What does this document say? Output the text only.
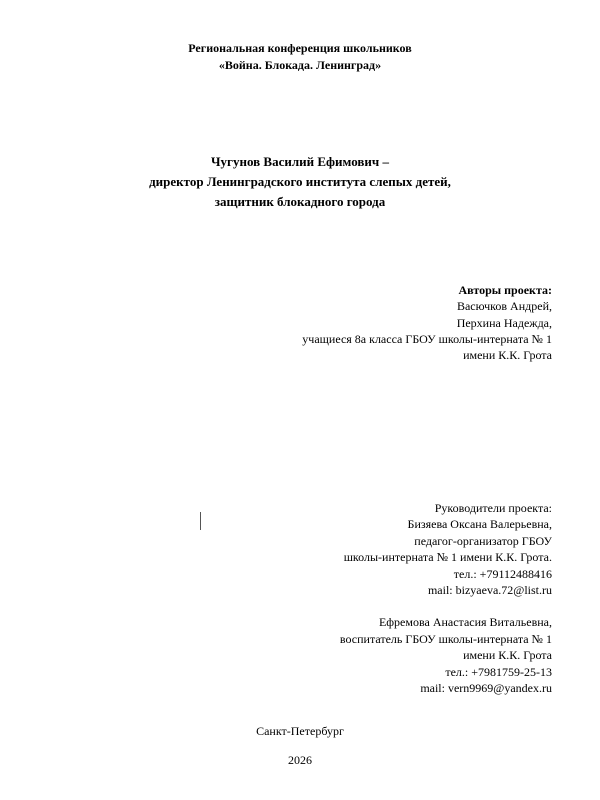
Региональная конференция школьников
«Война. Блокада. Ленинград»
Чугунов Василий Ефимович –
директор Ленинградского института слепых детей,
защитник блокадного города
Авторы проекта:
Васючков Андрей,
Перхина Надежда,
учащиеся 8а класса ГБОУ школы-интерната № 1
имени К.К. Грота
Руководители проекта:
Бизяева Оксана Валерьевна,
педагог-организатор ГБОУ
школы-интерната № 1 имени К.К. Грота.
тел.: +79112488416
mail: bizyaeva.72@list.ru
Ефремова Анастасия Витальевна,
воспитатель ГБОУ школы-интерната № 1
имени К.К. Грота
тел.: +7981759-25-13
mail: vern9969@yandex.ru
Санкт-Петербург
2026
